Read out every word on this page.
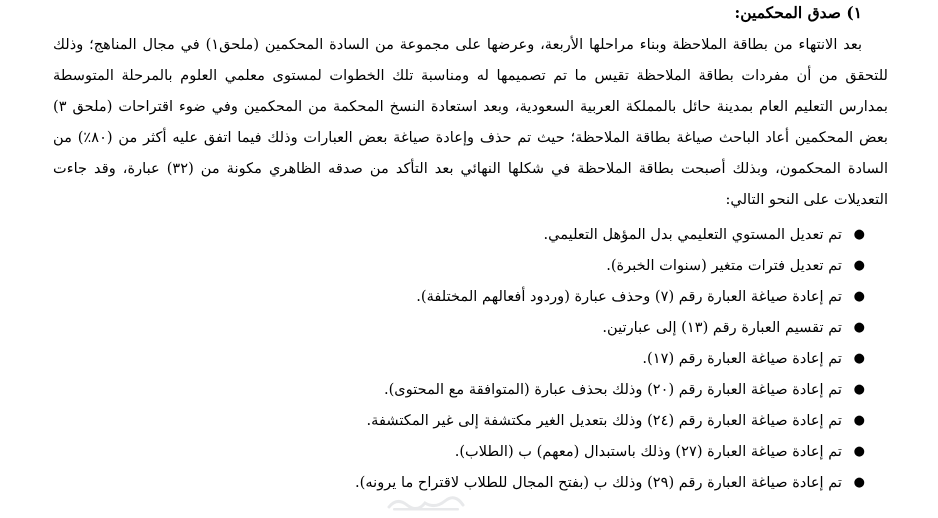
١) صدق المحكمين:

بعد الانتهاء من بطاقة الملاحظة وبناء مراحلها الأربعة، وعرضها على مجموعة من السادة المحكمين (ملحق١) في مجال المناهج؛ وذلك للتحقق من أن مفردات بطاقة الملاحظة تقيس ما تم تصميمها له ومناسبة تلك الخطوات لمستوى معلمي العلوم بالمرحلة المتوسطة بمدارس التعليم العام بمدينة حائل بالمملكة العربية السعودية، وبعد استعادة النسخ المحكمة من المحكمين وفي ضوء اقتراحات (ملحق ٣) بعض المحكمين أعاد الباحث صياغة بطاقة الملاحظة؛ حيث تم حذف وإعادة صياغة بعض العبارات وذلك فيما اتفق عليه أكثر من (٨٠٪) من السادة المحكمون، وبذلك أصبحت بطاقة الملاحظة في شكلها النهائي بعد التأكد من صدقه الظاهري مكونة من (٣٢) عبارة، وقد جاءت التعديلات على النحو التالي:

●
تم تعديل المستوي التعليمي بدل المؤهل التعليمي.
●
تم تعديل فترات متغير (سنوات الخبرة).
●
تم إعادة صياغة العبارة رقم (٧) وحذف عبارة (وردود أفعالهم المختلفة).
●
تم تقسيم العبارة رقم (١٣) إلى عبارتين.
●
تم إعادة صياغة العبارة رقم (١٧).
●
تم إعادة صياغة العبارة رقم (٢٠) وذلك بحذف عبارة (المتوافقة مع المحتوى).
●
تم إعادة صياغة العبارة رقم (٢٤) وذلك بتعديل الغير مكتشفة إلى غير المكتشفة.
●
تم إعادة صياغة العبارة (٢٧) وذلك باستبدال (معهم) ب (الطلاب).
●
تم إعادة صياغة العبارة رقم (٢٩) وذلك ب (بفتح المجال للطلاب لاقتراح ما يرونه).
